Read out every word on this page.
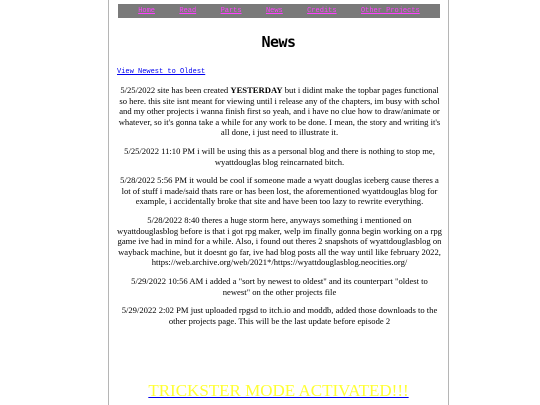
Home	Read	Parts	News	Credits	Other Projects
News
View Newest to Oldest

5/25/2022 site has been created YESTERDAY but i didint make the topbar pages functional so here. this site isnt meant for viewing until i release any of the chapters, im busy with schol and my other projects i wanna finish first so yeah, and i have no clue how to draw/animate or whatever, so it's gonna take a while for any work to be done. I mean, the story and writing it's all done, i just need to illustrate it.

5/25/2022 11:10 PM i will be using this as a personal blog and there is nothing to stop me, wyattdouglas blog reincarnated bitch.

5/28/2022 5:56 PM it would be cool if someone made a wyatt douglas iceberg cause theres a lot of stuff i made/said thats rare or has been lost, the aforementioned wyattdouglas blog for example, i accidentally broke that site and have been too lazy to rewrite everything.

5/28/2022 8:40 theres a huge storm here, anyways something i mentioned on wyattdouglasblog before is that i got rpg maker, welp im finally gonna begin working on a rpg game ive had in mind for a while. Also, i found out theres 2 snapshots of wyattdouglasblog on wayback machine, but it doesnt go far, ive had blog posts all the way until like february 2022, https://web.archive.org/web/2021*/https://wyattdouglasblog.neocities.org/

5/29/2022 10:56 AM i added a "sort by newest to oldest" and its counterpart "oldest to newest" on the other projects file

5/29/2022 2:02 PM just uploaded rpgsd to itch.io and moddb, added those downloads to the other projects page. This will be the last update before episode 2

TRICKSTER MODE ACTIVATED!!!
